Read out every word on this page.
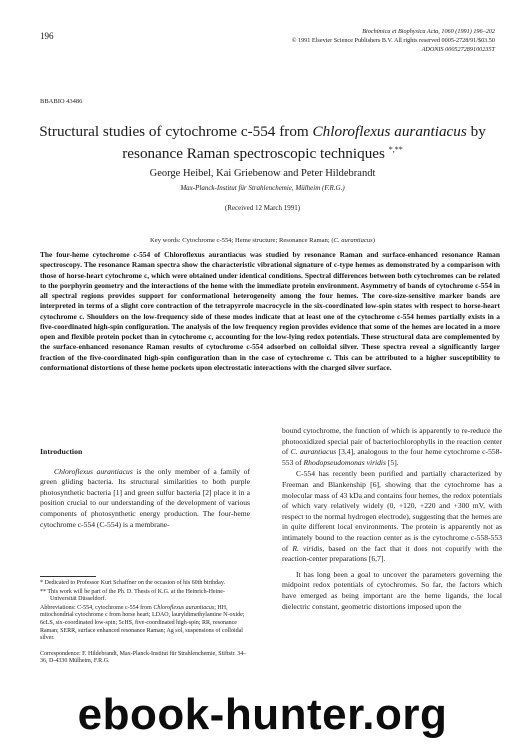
196	Biochimica et Biophysica Acta, 1060 (1991) 196–202
© 1991 Elsevier Science Publishers B.V. All rights reserved 0005-2728/91/$03.50
ADONIS 000527289100235T
BBABIO 43486
Structural studies of cytochrome c-554 from Chloroflexus aurantiacus by resonance Raman spectroscopic techniques *,**
George Heibel, Kai Griebenow and Peter Hildebrandt
Max-Planck-Institut für Strahlenchemie, Mülheim (F.R.G.)
(Received 12 March 1991)
Key words: Cytochrome c-554; Heme structure; Resonance Raman; (C. aurantiacus)

The four-heme cytochrome c-554 of Chloroflexus aurantiacus was studied by resonance Raman and surface-enhanced resonance Raman spectroscopy. The resonance Raman spectra show the characteristic vibrational signature of c-type hemes as demonstrated by a comparison with those of horse-heart cytochrome c, which were obtained under identical conditions. Spectral differences between both cytochromes can be related to the porphyrin geometry and the interactions of the heme with the immediate protein environment. Asymmetry of bands of cytochrome c-554 in all spectral regions provides support for conformational heterogeneity among the four hemes. The core-size-sensitive marker bands are interpreted in terms of a slight core contraction of the tetrapyrrole macrocycle in the six-coordinated low-spin states with respect to horse-heart cytochrome c. Shoulders on the low-frequency side of these modes indicate that at least one of the cytochrome c-554 hemes partially exists in a five-coordinated high-spin configuration. The analysis of the low frequency region provides evidence that some of the hemes are located in a more open and flexible protein pocket than in cytochrome c, accounting for the low-lying redox potentials. These structural data are complemented by the surface-enhanced resonance Raman results of cytochrome c-554 adsorbed on colloidal silver. These spectra reveal a significantly larger fraction of the five-coordinated high-spin configuration than in the case of cytochrome c. This can be attributed to a higher susceptibility to conformational distortions of these heme pockets upon electrostatic interactions with the charged silver surface.

Introduction

Chloroflexus aurantiacus is the only member of a family of green gliding bacteria. Its structural similarities to both purple photosynthetic bacteria [1] and green sulfur bacteria [2] place it in a position crucial to our understanding of the development of various components of photosynthetic energy production. The four-heme cytochrome c-554 (C-554) is a membrane-

* Dedicated to Professor Kurt Schaffner on the occasion of his 60th birthday.

** This work will be part of the Ph. D. Thesis of K.G. at the Heinrich-Heine-Universität Düsseldorf.

Abbreviations: C-554, cytochrome c-554 from Chloroflexus aurantiacus; HH, mitochondrial cytochrome c from horse heart; LDAO, lauryldimethylamine N-oxide; 6cLS, six-coordinated low-spin; 5cHS, five-coordinated high-spin; RR, resonance Raman; SERR, surface enhanced resonance Raman; Ag sol, suspensions of colloidal silver.

Correspondence: F. Hildebrandt, Max-Planck-Institut für Strahlenchemie, Stiftstr. 34–36, D-4330 Mülheim, F.R.G.

bound cytochrome, the function of which is apparently to re-reduce the photooxidized special pair of bacteriochlorophylls in the reaction center of C. aurantiacus [3,4], analogous to the four heme cytochrome c-558-553 of Rhodopseudomonas viridis [5].

C-554 has recently been purified and partially characterized by Freeman and Blankenship [6], showing that the cytochrome has a molecular mass of 43 kDa and contains four hemes, the redox potentials of which vary relatively widely (0, +120, +220 and +300 mV, with respect to the normal hydrogen electrode), suggesting that the hemes are in quite different local environments. The protein is apparently not as intimately bound to the reaction center as is the cytochrome c-558-553 of R. viridis, based on the fact that it does not copurify with the reaction-center preparations [6,7].

It has long been a goal to uncover the parameters governing the midpoint redox potentials of cytochromes. So far, the factors which have emerged as being important are the heme ligands, the local dielectric constant, geometric distortions imposed upon the

ebook-hunter.org
